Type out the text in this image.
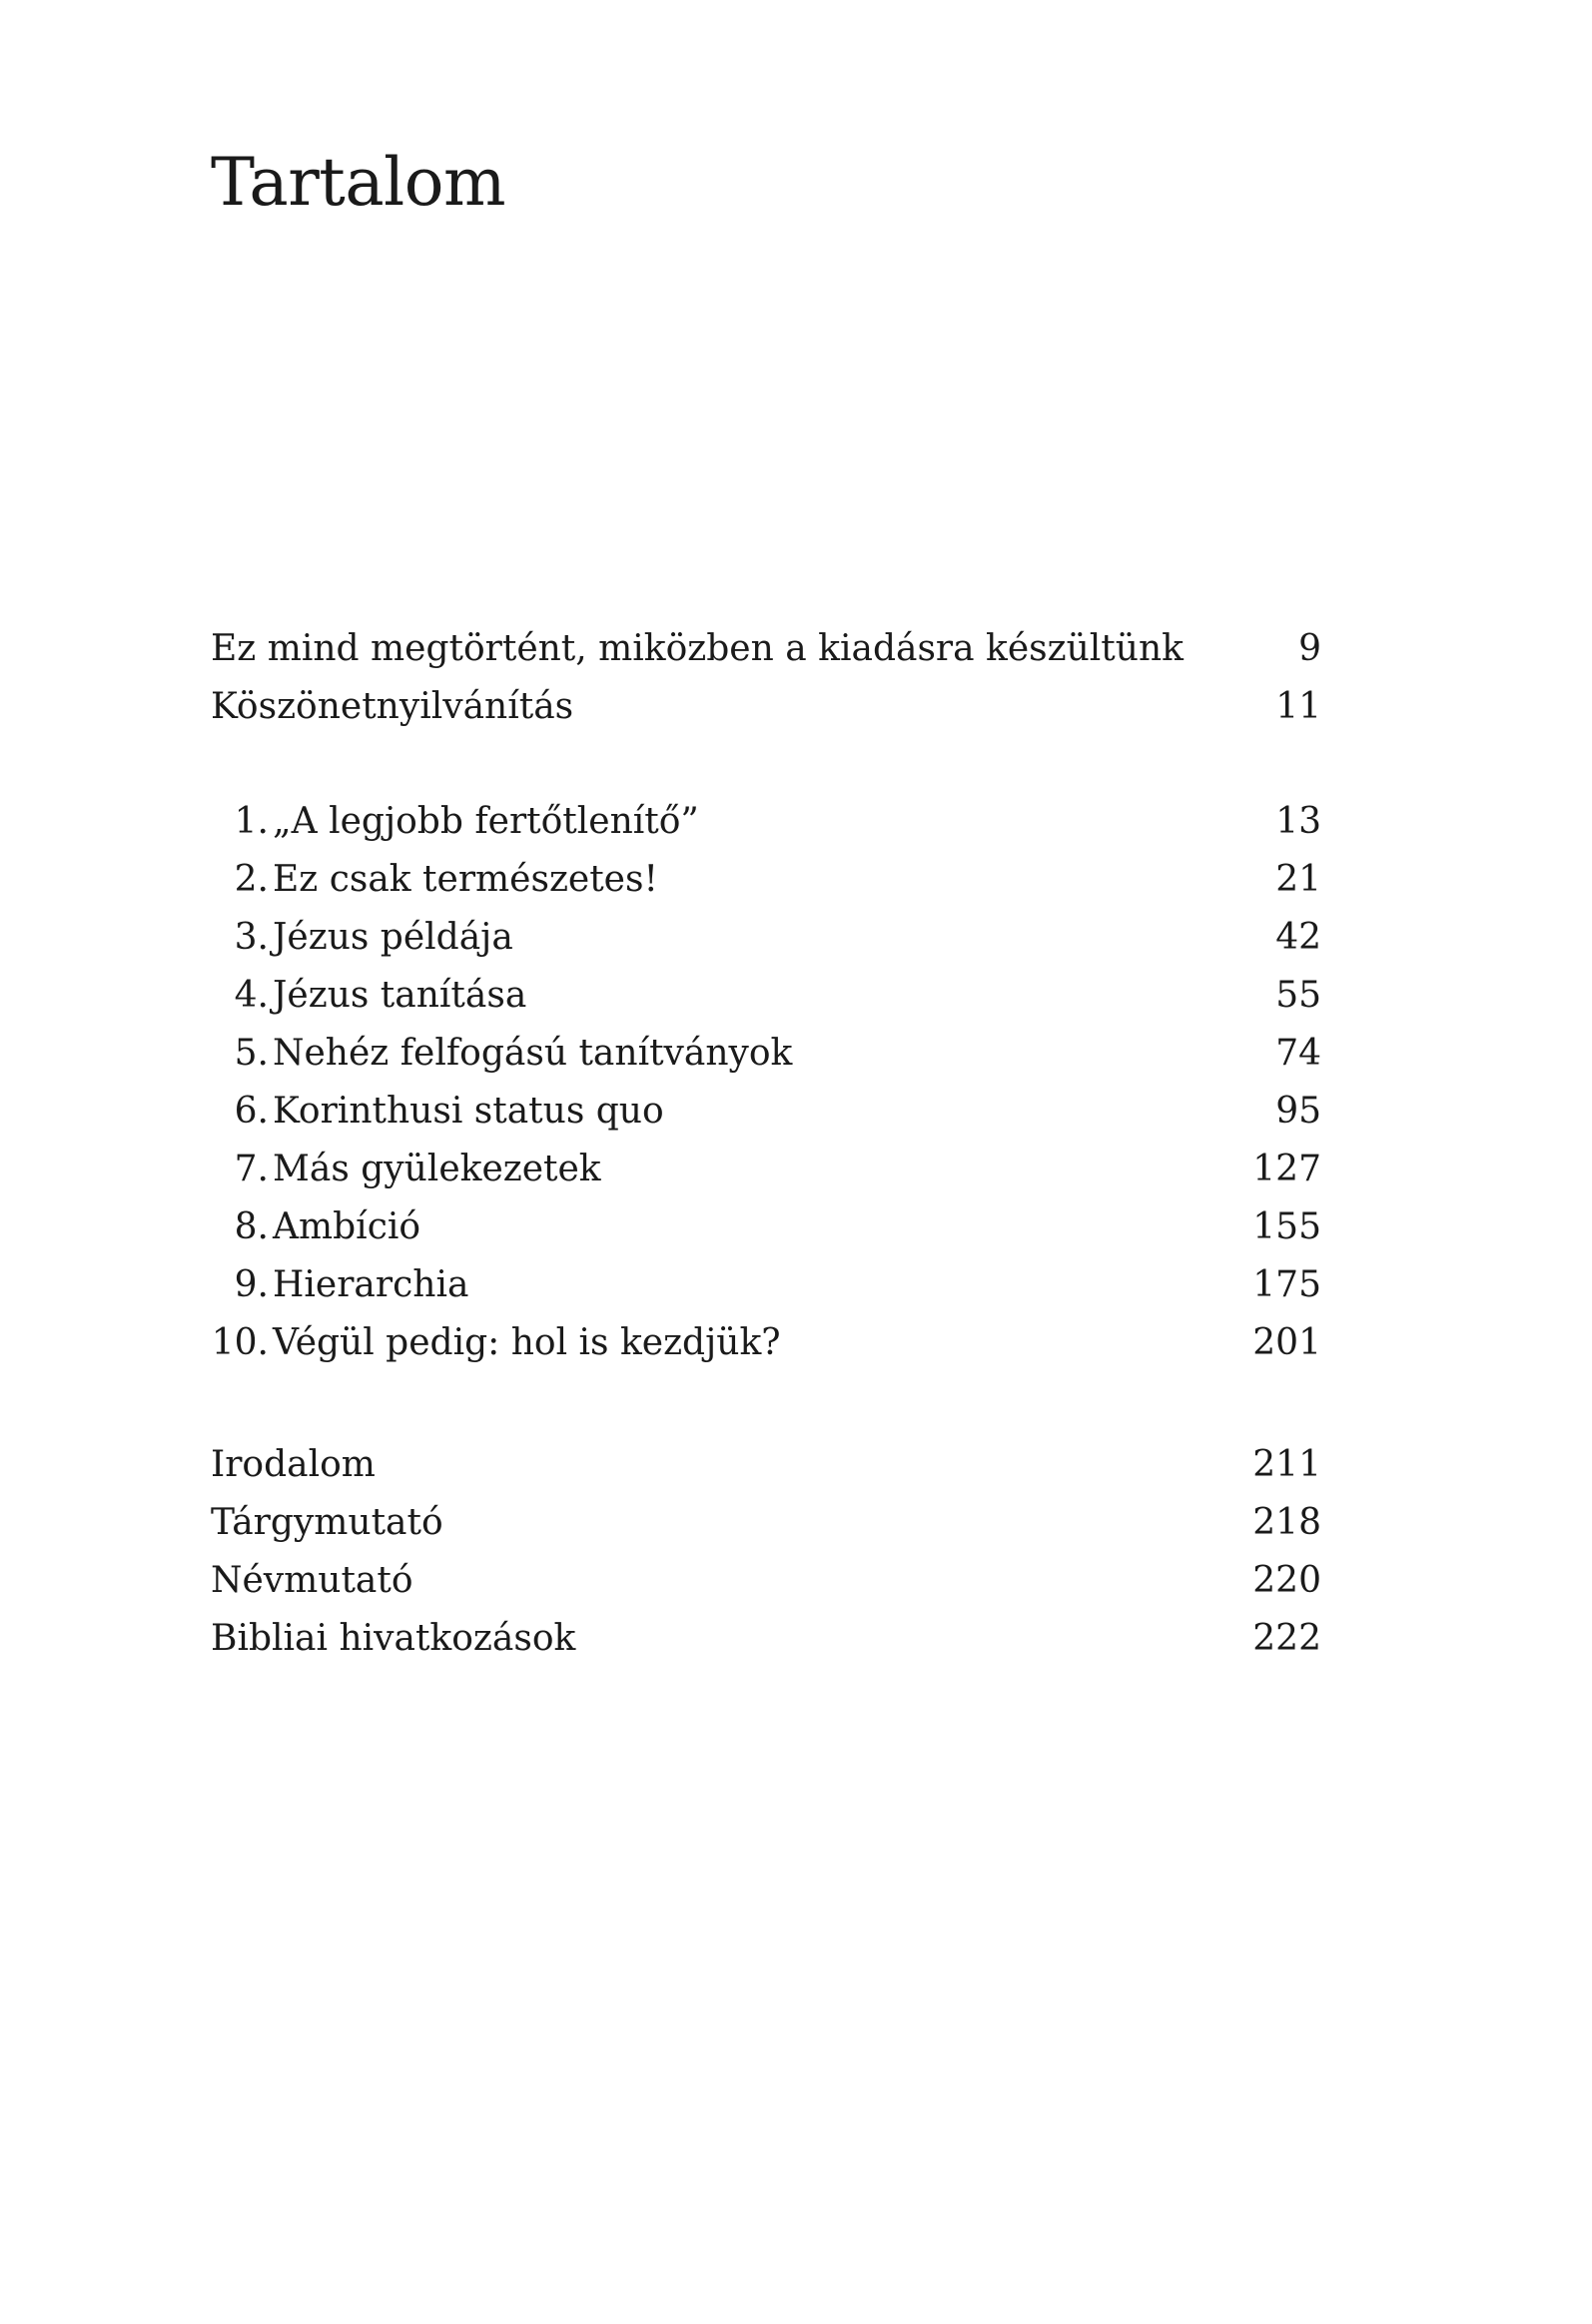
Tartalom
Ez mind megtörtént, miközben a kiadásra készültünk	9
Köszönetnyilvánítás	11
1. „A legjobb fertőtlenítő”	13
2. Ez csak természetes!	21
3. Jézus példája	42
4. Jézus tanítása	55
5. Nehéz felfogású tanítványok	74
6. Korinthusi status quo	95
7. Más gyülekezetek	127
8. Ambíció	155
9. Hierarchia	175
10. Végül pedig: hol is kezdjük?	201
Irodalom	211
Tárgymutató	218
Névmutató	220
Bibliai hivatkozások	222
